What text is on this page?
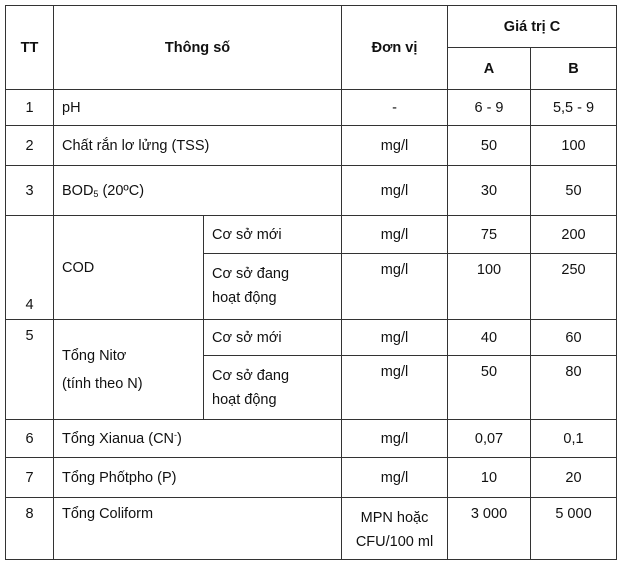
TT	Thông số		Đơn vị	Giá trị C	
				A	B
1	pH		-	6 - 9	5,5 - 9
2	Chất rắn lơ lửng (TSS)		mg/l	50	100
3	$BOD_5$ (20ºC)		mg/l	30	50
4	COD	Cơ sở mới	mg/l	75	200
		Cơ sở đang
hoạt động	mg/l	100	250
5	Tổng Nitơ
(tính theo N)	Cơ sở mới	mg/l	40	60
		Cơ sở đang
hoạt động	mg/l	50	80
6	Tổng Xianua (CN-)		mg/l	0,07	0,1
7	Tổng Phốtpho (P)		mg/l	10	20
8	Tổng Coliform		MPN hoặc
CFU/100 ml	3 000	5 000
